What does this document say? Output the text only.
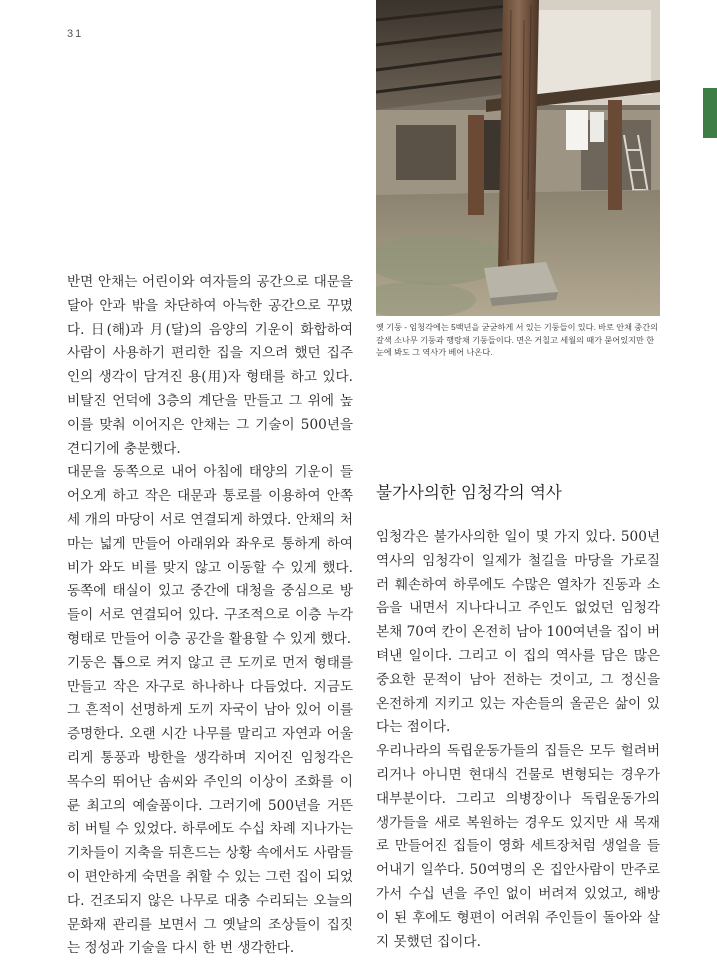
31

옛 기둥 - 임청각에는 5백년을 굳굳하게 서 있는 기둥들이 있다. 바로 안채 중간의 갈색 소나무 기둥과 행랑채 기둥들이다. 면은 거칠고 세월의 때가 묻어있지만 한 눈에 봐도 그 역사가 베어 나온다.

반면 안채는 어린이와 여자들의 공간으로 대문을 달아 안과 밖을 차단하여 아늑한 공간으로 꾸몄다. 日(해)과 月(달)의 음양의 기운이 화합하여 사람이 사용하기 편리한 집을 지으려 했던 집주인의 생각이 담겨진 용(用)자 형태를 하고 있다. 비탈진 언덕에 3층의 계단을 만들고 그 위에 높이를 맞춰 이어지은 안채는 그 기술이 500년을 견디기에 충분했다.

대문을 동쪽으로 내어 아침에 태양의 기운이 들어오게 하고 작은 대문과 통로를 이용하여 안쪽 세 개의 마당이 서로 연결되게 하였다. 안채의 처마는 넓게 만들어 아래위와 좌우로 통하게 하여 비가 와도 비를 맞지 않고 이동할 수 있게 했다. 동쪽에 태실이 있고 중간에 대청을 중심으로 방들이 서로 연결되어 있다. 구조적으로 이층 누각형태로 만들어 이층 공간을 활용할 수 있게 했다.

기둥은 톱으로 켜지 않고 큰 도끼로 먼저 형태를 만들고 작은 자구로 하나하나 다듬었다. 지금도 그 흔적이 선명하게 도끼 자국이 남아 있어 이를 증명한다. 오랜 시간 나무를 말리고 자연과 어울리게 통풍과 방한을 생각하며 지어진 임청각은 목수의 뛰어난 솜씨와 주인의 이상이 조화를 이룬 최고의 예술품이다. 그러기에 500년을 거뜬히 버틸 수 있었다. 하루에도 수십 차례 지나가는 기차들이 지축을 뒤흔드는 상황 속에서도 사람들이 편안하게 숙면을 취할 수 있는 그런 집이 되었다. 건조되지 않은 나무로 대충 수리되는 오늘의 문화재 관리를 보면서 그 옛날의 조상들이 집짓는 정성과 기술을 다시 한 번 생각한다.

불가사의한 임청각의 역사

임청각은 불가사의한 일이 몇 가지 있다. 500년 역사의 임청각이 일제가 철길을 마당을 가로질러 훼손하여 하루에도 수많은 열차가 진동과 소음을 내면서 지나다니고 주인도 없었던 임청각 본채 70여 칸이 온전히 남아 100여년을 집이 버텨낸 일이다. 그리고 이 집의 역사를 담은 많은 중요한 문적이 남아 전하는 것이고, 그 정신을 온전하게 지키고 있는 자손들의 올곧은 삶이 있다는 점이다.

우리나라의 독립운동가들의 집들은 모두 헐려버리거나 아니면 현대식 건물로 변형되는 경우가 대부분이다. 그리고 의병장이나 독립운동가의 생가들을 새로 복원하는 경우도 있지만 새 목재로 만들어진 집들이 영화 세트장처럼 생얼을 들어내기 일쑤다. 50여명의 온 집안사람이 만주로 가서 수십 년을 주인 없이 버려져 있었고, 해방이 된 후에도 형편이 어려워 주인들이 돌아와 살지 못했던 집이다.
